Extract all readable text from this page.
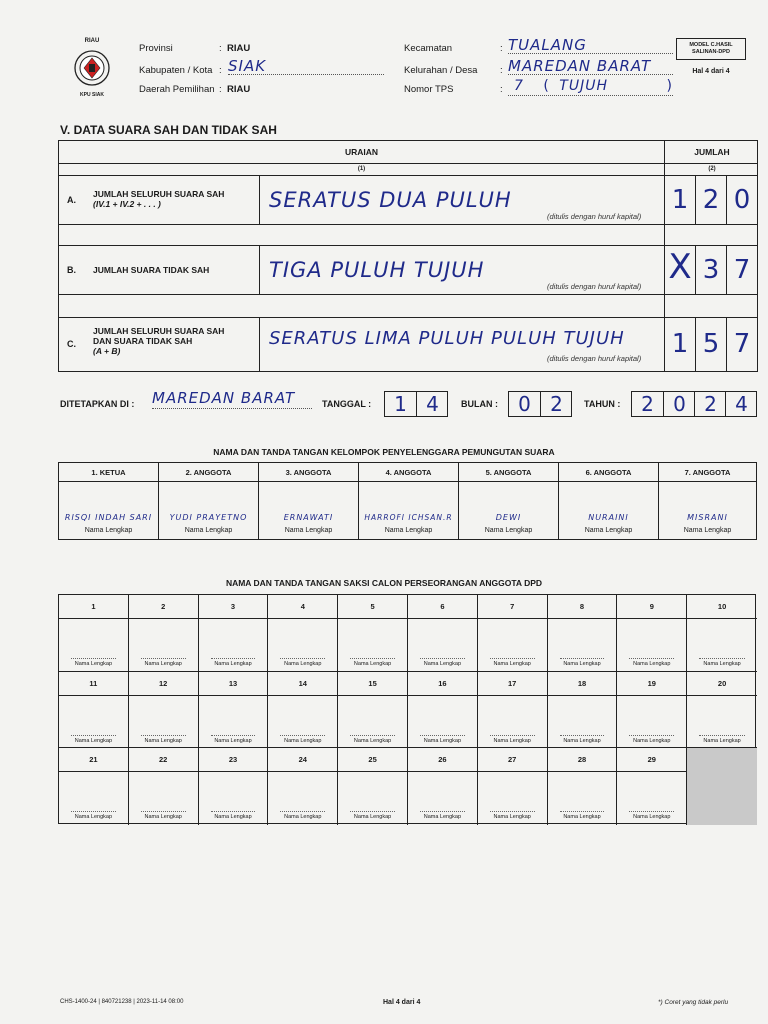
RIAU
KPU SIAK
Provinsi	: RIAU
Kabupaten / Kota : SIAK
Daerah Pemilihan : RIAU
Kecamatan	: TUALANG
Kelurahan / Desa : MAREDAN BARAT
Nomor TPS	: 7 ( TUJUH	)
MODEL C.HASIL
SALINAN-DPD
Hal 4 dari 4
V. DATA SUARA SAH DAN TIDAK SAH
URAIAN
(1)
JUMLAH
(2)
A.
JUMLAH SELURUH SUARA SAH
(IV.1 + IV.2 + . . . )	SERATUS DUA PULUH
(ditulis dengan huruf kapital)
1 2 0
B. JUMLAH SUARA TIDAK SAH	TIGA PULUH TUJUH
(ditulis dengan huruf kapital) X 3 7
C.
JUMLAH SELURUH SUARA SAH
DAN SUARA TIDAK SAH
(A + B)
SERATUS LIMA PULUH PULUH TUJUH
(ditulis dengan huruf kapital) 1 5 7
DITETAPKAN DI : MAREDAN BARAT	TANGGAL :	1 4	BULAN :	0 2	TAHUN :	2 0 2 4
NAMA DAN TANDA TANGAN KELOMPOK PENYELENGGARA PEMUNGUTAN SUARA
1. KETUA
RISQI INDAH SARI
Nama Lengkap
2. ANGGOTA
YUDI PRAYETNO
Nama Lengkap
3. ANGGOTA
ERNAWATI
Nama Lengkap
4. ANGGOTA
HARROFI ICHSAN.R
Nama Lengkap
5. ANGGOTA
DEWI
Nama Lengkap
6. ANGGOTA
NURAINI
Nama Lengkap
7. ANGGOTA
MISRANI
Nama Lengkap
NAMA DAN TANDA TANGAN SAKSI CALON PERSEORANGAN ANGGOTA DPD
1
Nama Lengkap
2
Nama Lengkap
3
Nama Lengkap
4
Nama Lengkap
5
Nama Lengkap
6
Nama Lengkap
7
Nama Lengkap
8
Nama Lengkap
9
Nama Lengkap
10
Nama Lengkap
11
Nama Lengkap
12
Nama Lengkap
13
Nama Lengkap
14
Nama Lengkap
15
Nama Lengkap
16
Nama Lengkap
17
Nama Lengkap
18
Nama Lengkap
19
Nama Lengkap
20
Nama Lengkap
21
Nama Lengkap
22
Nama Lengkap
23
Nama Lengkap
24
Nama Lengkap
25
Nama Lengkap
26
Nama Lengkap
27
Nama Lengkap
28
Nama Lengkap
29
Nama Lengkap
CHS-1400-24 | 840721238 | 2023-11-14 08:00	Hal 4 dari 4	*) Coret yang tidak perlu
